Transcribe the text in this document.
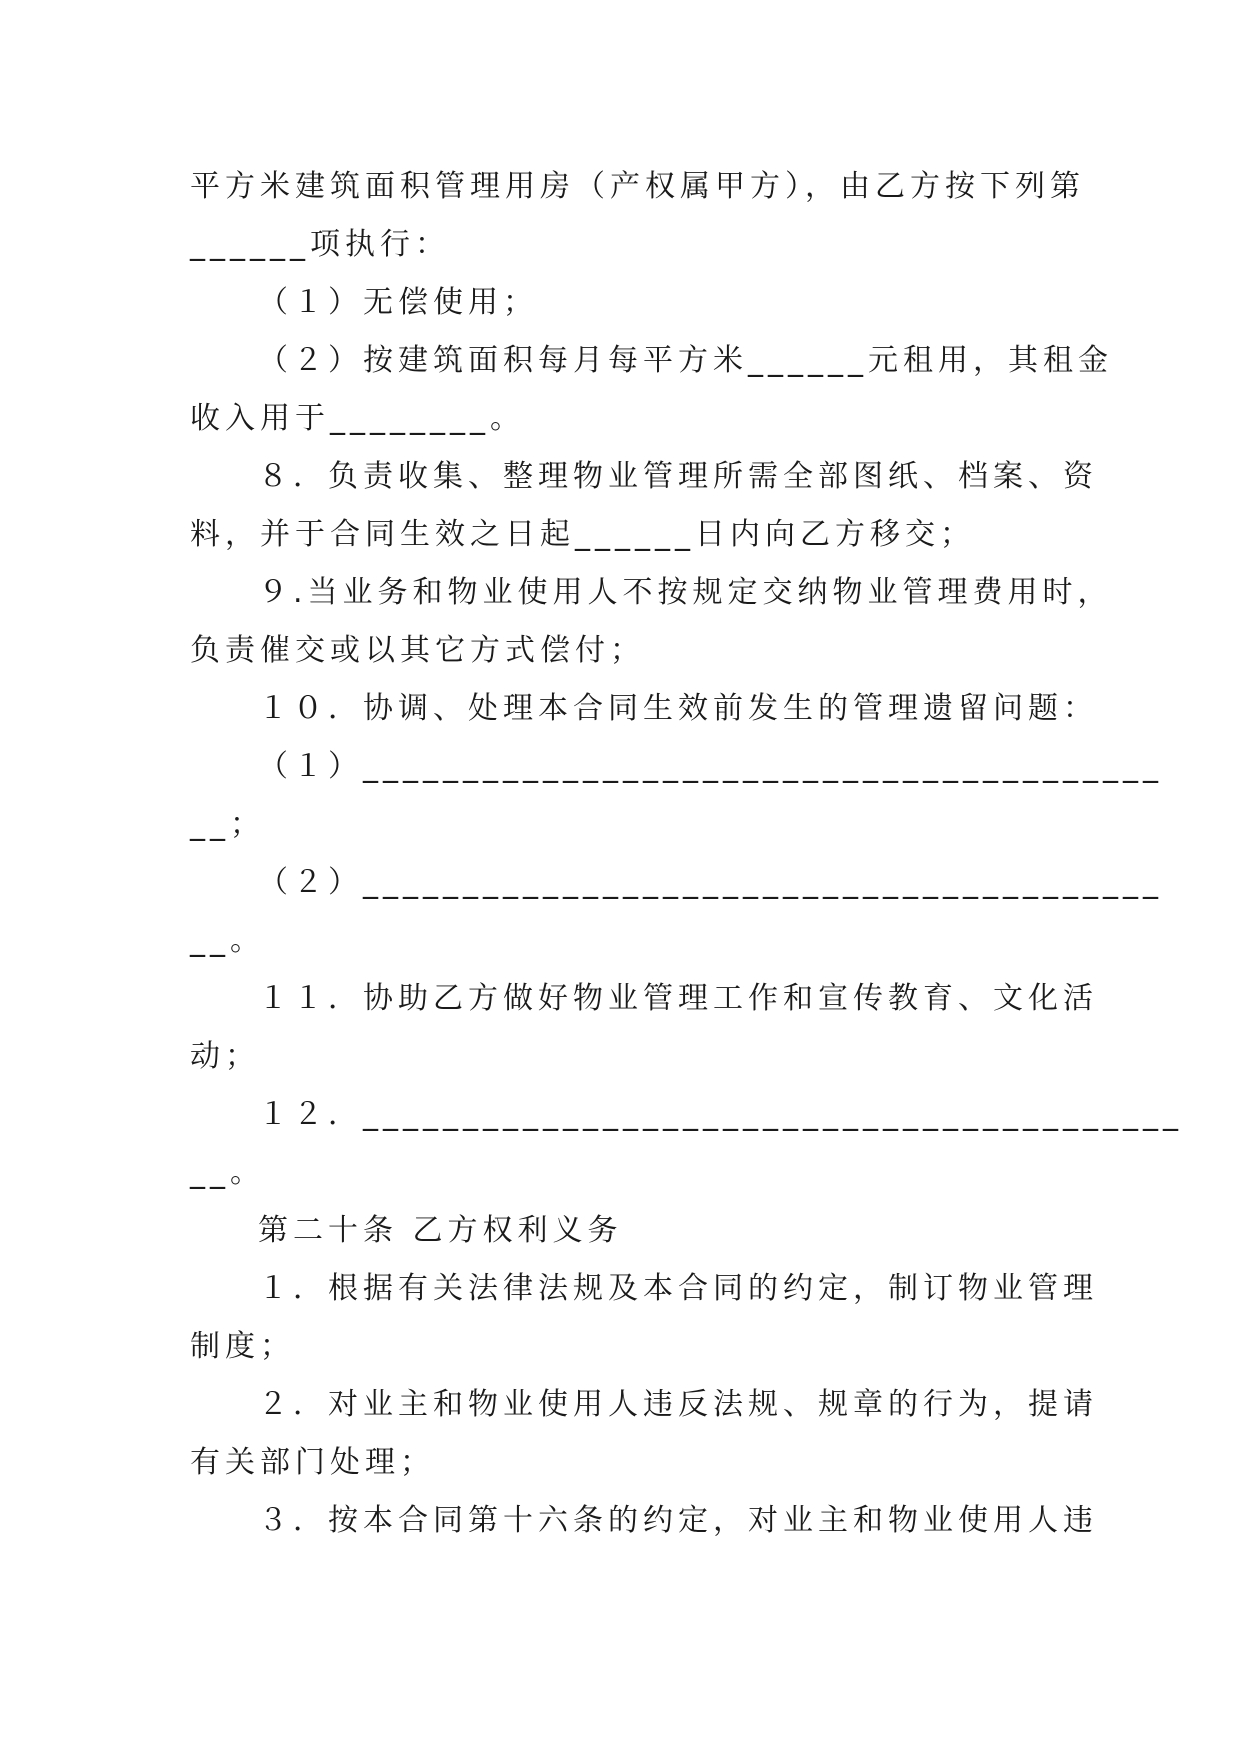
平方米建筑面积管理用房（产权属甲方），由乙方按下列第

______项执行：

（１）无偿使用；

（２）按建筑面积每月每平方米______元租用，其租金

收入用于________。

８．负责收集、整理物业管理所需全部图纸、档案、资

料，并于合同生效之日起______日内向乙方移交；

９.当业务和物业使用人不按规定交纳物业管理费用时，

负责催交或以其它方式偿付；

１０．协调、处理本合同生效前发生的管理遗留问题：

（１）________________________________________

__；

（２）________________________________________

__。

１１．协助乙方做好物业管理工作和宣传教育、文化活

动；

１２．_________________________________________

__。

第二十条 乙方权利义务

１．根据有关法律法规及本合同的约定，制订物业管理

制度；

２．对业主和物业使用人违反法规、规章的行为，提请

有关部门处理；

３．按本合同第十六条的约定，对业主和物业使用人违
